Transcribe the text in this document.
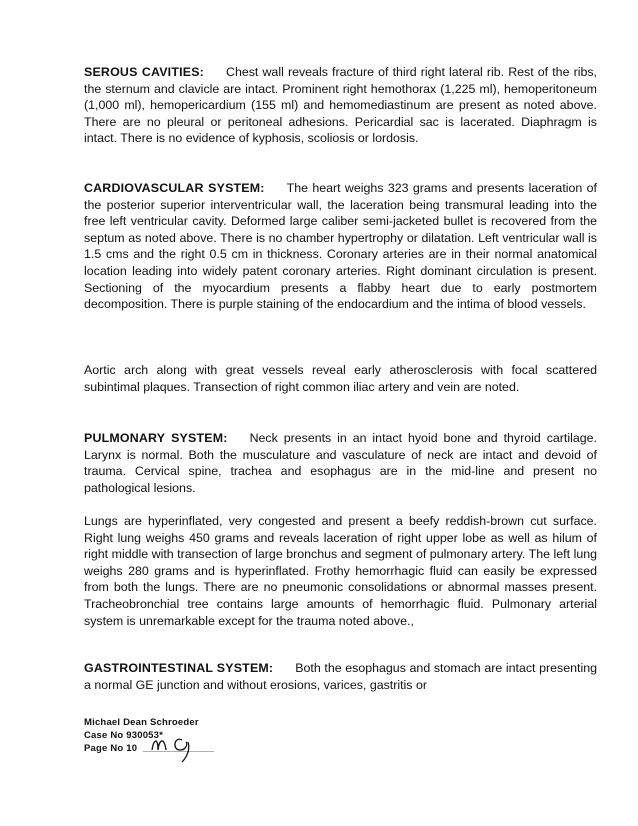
SEROUS CAVITIES: Chest wall reveals fracture of third right lateral rib. Rest of the ribs, the sternum and clavicle are intact. Prominent right hemothorax (1,225 ml), hemoperitoneum (1,000 ml), hemopericardium (155 ml) and hemomediastinum are present as noted above. There are no pleural or peritoneal adhesions. Pericardial sac is lacerated. Diaphragm is intact. There is no evidence of kyphosis, scoliosis or lordosis.

CARDIOVASCULAR SYSTEM: The heart weighs 323 grams and presents laceration of the posterior superior interventricular wall, the laceration being transmural leading into the free left ventricular cavity. Deformed large caliber semi-jacketed bullet is recovered from the septum as noted above. There is no chamber hypertrophy or dilatation. Left ventricular wall is 1.5 cms and the right 0.5 cm in thickness. Coronary arteries are in their normal anatomical location leading into widely patent coronary arteries. Right dominant circulation is present. Sectioning of the myocardium presents a flabby heart due to early postmortem decomposition. There is purple staining of the endocardium and the intima of blood vessels.

Aortic arch along with great vessels reveal early atherosclerosis with focal scattered subintimal plaques. Transection of right common iliac artery and vein are noted.

PULMONARY SYSTEM: Neck presents in an intact hyoid bone and thyroid cartilage. Larynx is normal. Both the musculature and vasculature of neck are intact and devoid of trauma. Cervical spine, trachea and esophagus are in the mid-line and present no pathological lesions.

Lungs are hyperinflated, very congested and present a beefy reddish-brown cut surface. Right lung weighs 450 grams and reveals laceration of right upper lobe as well as hilum of right middle with transection of large bronchus and segment of pulmonary artery. The left lung weighs 280 grams and is hyperinflated. Frothy hemorrhagic fluid can easily be expressed from both the lungs. There are no pneumonic consolidations or abnormal masses present. Tracheobronchial tree contains large amounts of hemorrhagic fluid. Pulmonary arterial system is unremarkable except for the trauma noted above.,

GASTROINTESTINAL SYSTEM: Both the esophagus and stomach are intact presenting a normal GE junction and without erosions, varices, gastritis or

Michael Dean Schroeder
Case No 930053*
Page No 10  _____________
